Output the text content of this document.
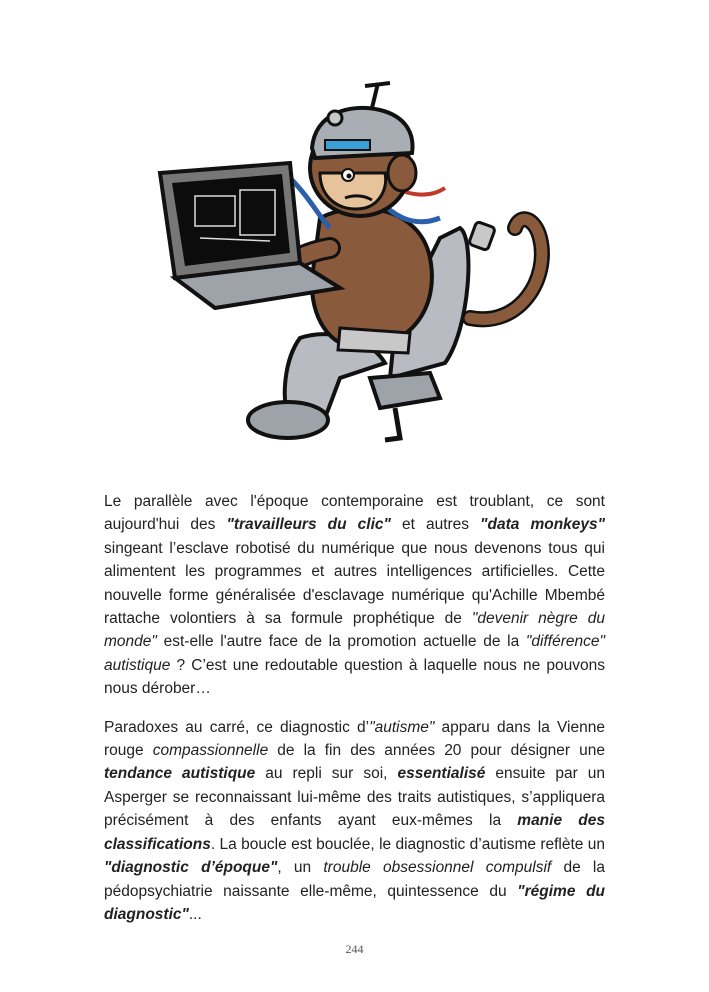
Le parallèle avec l'époque contemporaine est troublant, ce sont aujourd'hui des "travailleurs du clic" et autres "data monkeys" singeant l’esclave robotisé du numérique que nous devenons tous qui alimentent les programmes et autres intelligences artificielles. Cette nouvelle forme généralisée d'esclavage numérique qu'Achille Mbembé rattache volontiers à sa formule prophétique de "devenir nègre du monde" est-elle l'autre face de la promotion actuelle de la "différence" autistique ? C’est une redoutable question à laquelle nous ne pouvons nous dérober…

Paradoxes au carré, ce diagnostic d’"autisme" apparu dans la Vienne rouge compassionnelle de la fin des années 20 pour désigner une tendance autistique au repli sur soi, essentialisé ensuite par un Asperger se reconnaissant lui-même des traits autistiques, s’appliquera précisément à des enfants ayant eux-mêmes la manie des classifications. La boucle est bouclée, le diagnostic d’autisme reflète un "diagnostic d’époque", un trouble obsessionnel compulsif de la pédopsychiatrie naissante elle-même, quintessence du "régime du diagnostic"...

244
